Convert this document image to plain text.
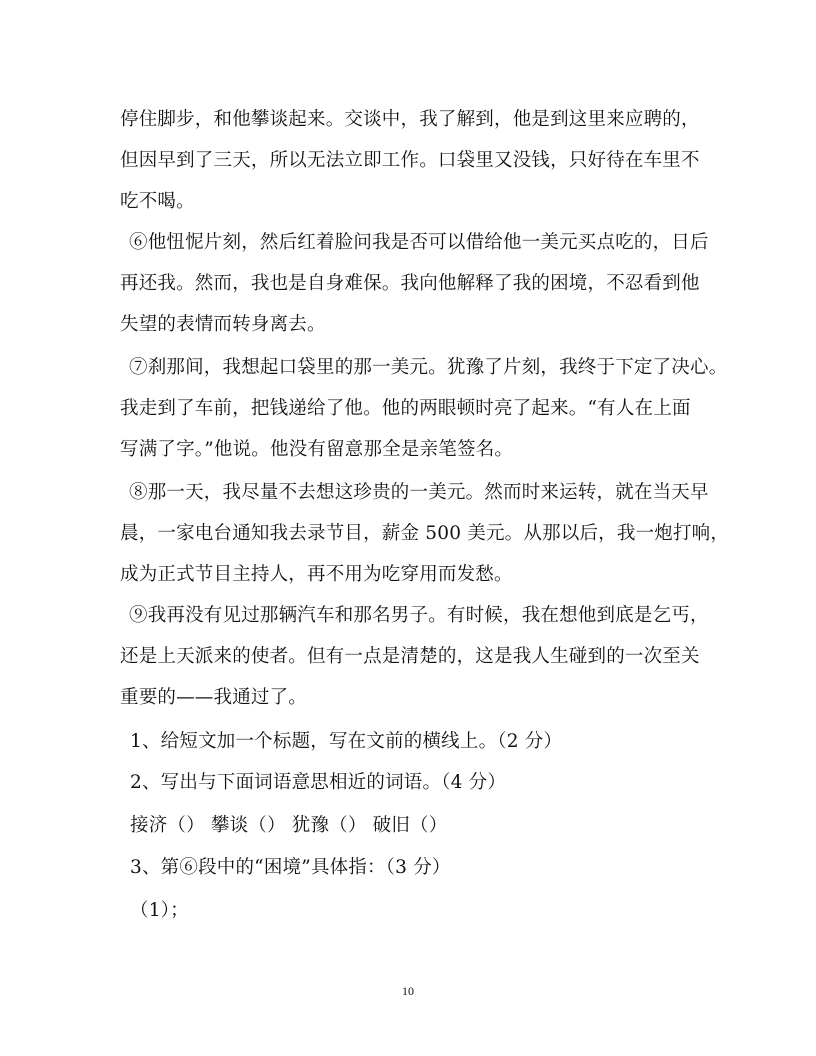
停住脚步，和他攀谈起来。交谈中，我了解到，他是到这里来应聘的，
但因早到了三天，所以无法立即工作。口袋里又没钱，只好待在车里不
吃不喝。
⑥他忸怩片刻，然后红着脸问我是否可以借给他一美元买点吃的，日后
再还我。然而，我也是自身难保。我向他解释了我的困境，不忍看到他
失望的表情而转身离去。
⑦刹那间，我想起口袋里的那一美元。犹豫了片刻，我终于下定了决心。
我走到了车前，把钱递给了他。他的两眼顿时亮了起来。“有人在上面
写满了字。”他说。他没有留意那全是亲笔签名。
⑧那一天，我尽量不去想这珍贵的一美元。然而时来运转，就在当天早
晨，一家电台通知我去录节目，薪金 500 美元。从那以后，我一炮打响，
成为正式节目主持人，再不用为吃穿用而发愁。
⑨我再没有见过那辆汽车和那名男子。有时候，我在想他到底是乞丐，
还是上天派来的使者。但有一点是清楚的，这是我人生碰到的一次至关
重要的——我通过了。
1、给短文加一个标题，写在文前的横线上。（2 分）
2、写出与下面词语意思相近的词语。（4 分）
接济（） 攀谈（） 犹豫（） 破旧（）
3、第⑥段中的“困境”具体指：（3 分）
（1）；
10
